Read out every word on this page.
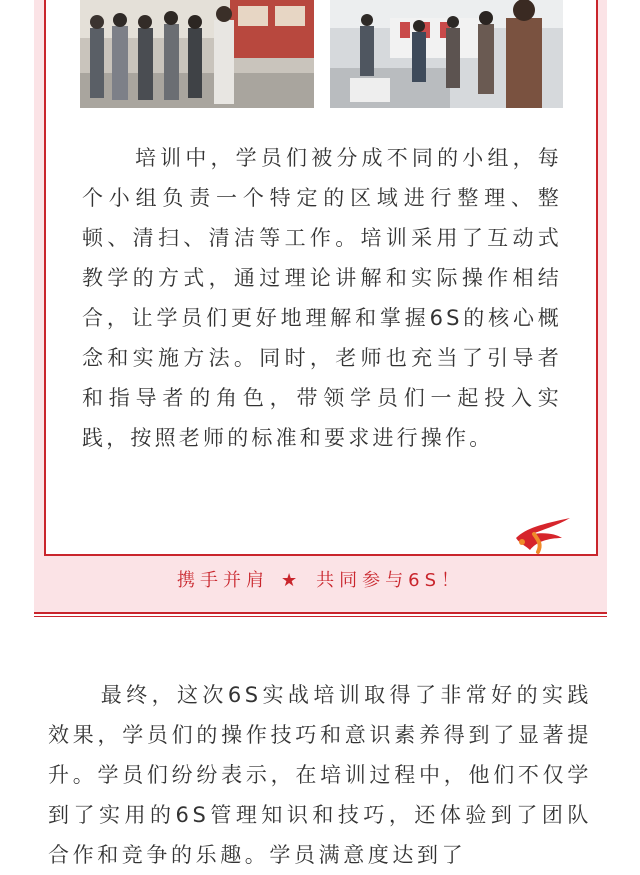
培训中，学员们被分成不同的小组，每个小组负责一个特定的区域进行整理、整顿、清扫、清洁等工作。培训采用了互动式教学的方式，通过理论讲解和实际操作相结合，让学员们更好地理解和掌握6S的核心概念和实施方法。同时，老师也充当了引导者和指导者的角色，带领学员们一起投入实践，按照老师的标准和要求进行操作。

携手并肩 ★ 共同参与6S！

最终，这次6S实战培训取得了非常好的实践效果，学员们的操作技巧和意识素养得到了显著提升。学员们纷纷表示，在培训过程中，他们不仅学到了实用的6S管理知识和技巧，还体验到了团队合作和竞争的乐趣。学员满意度达到了
